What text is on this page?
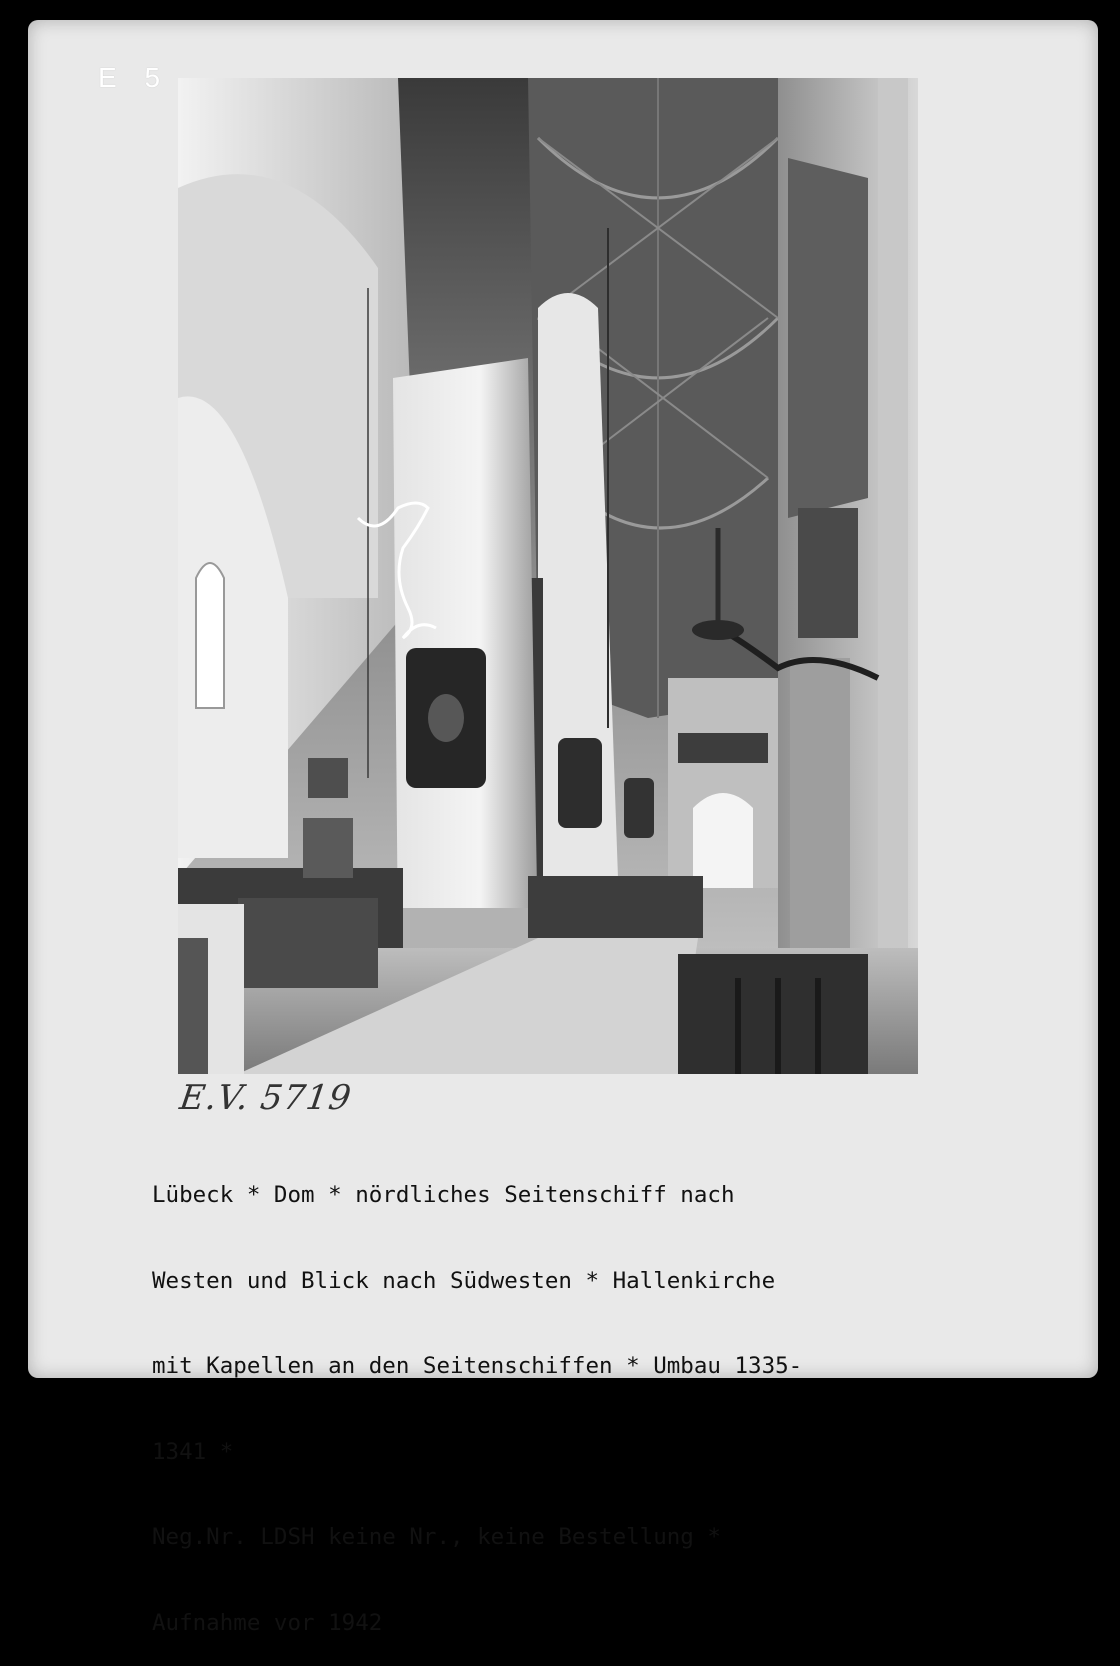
E 5
E.V. 5719

Lübeck * Dom * nördliches Seitenschiff nach

Westen und Blick nach Südwesten * Hallenkirche

mit Kapellen an den Seitenschiffen * Umbau 1335-

1341 *

Neg.Nr. LDSH keine Nr., keine Bestellung *

Aufnahme vor 1942
